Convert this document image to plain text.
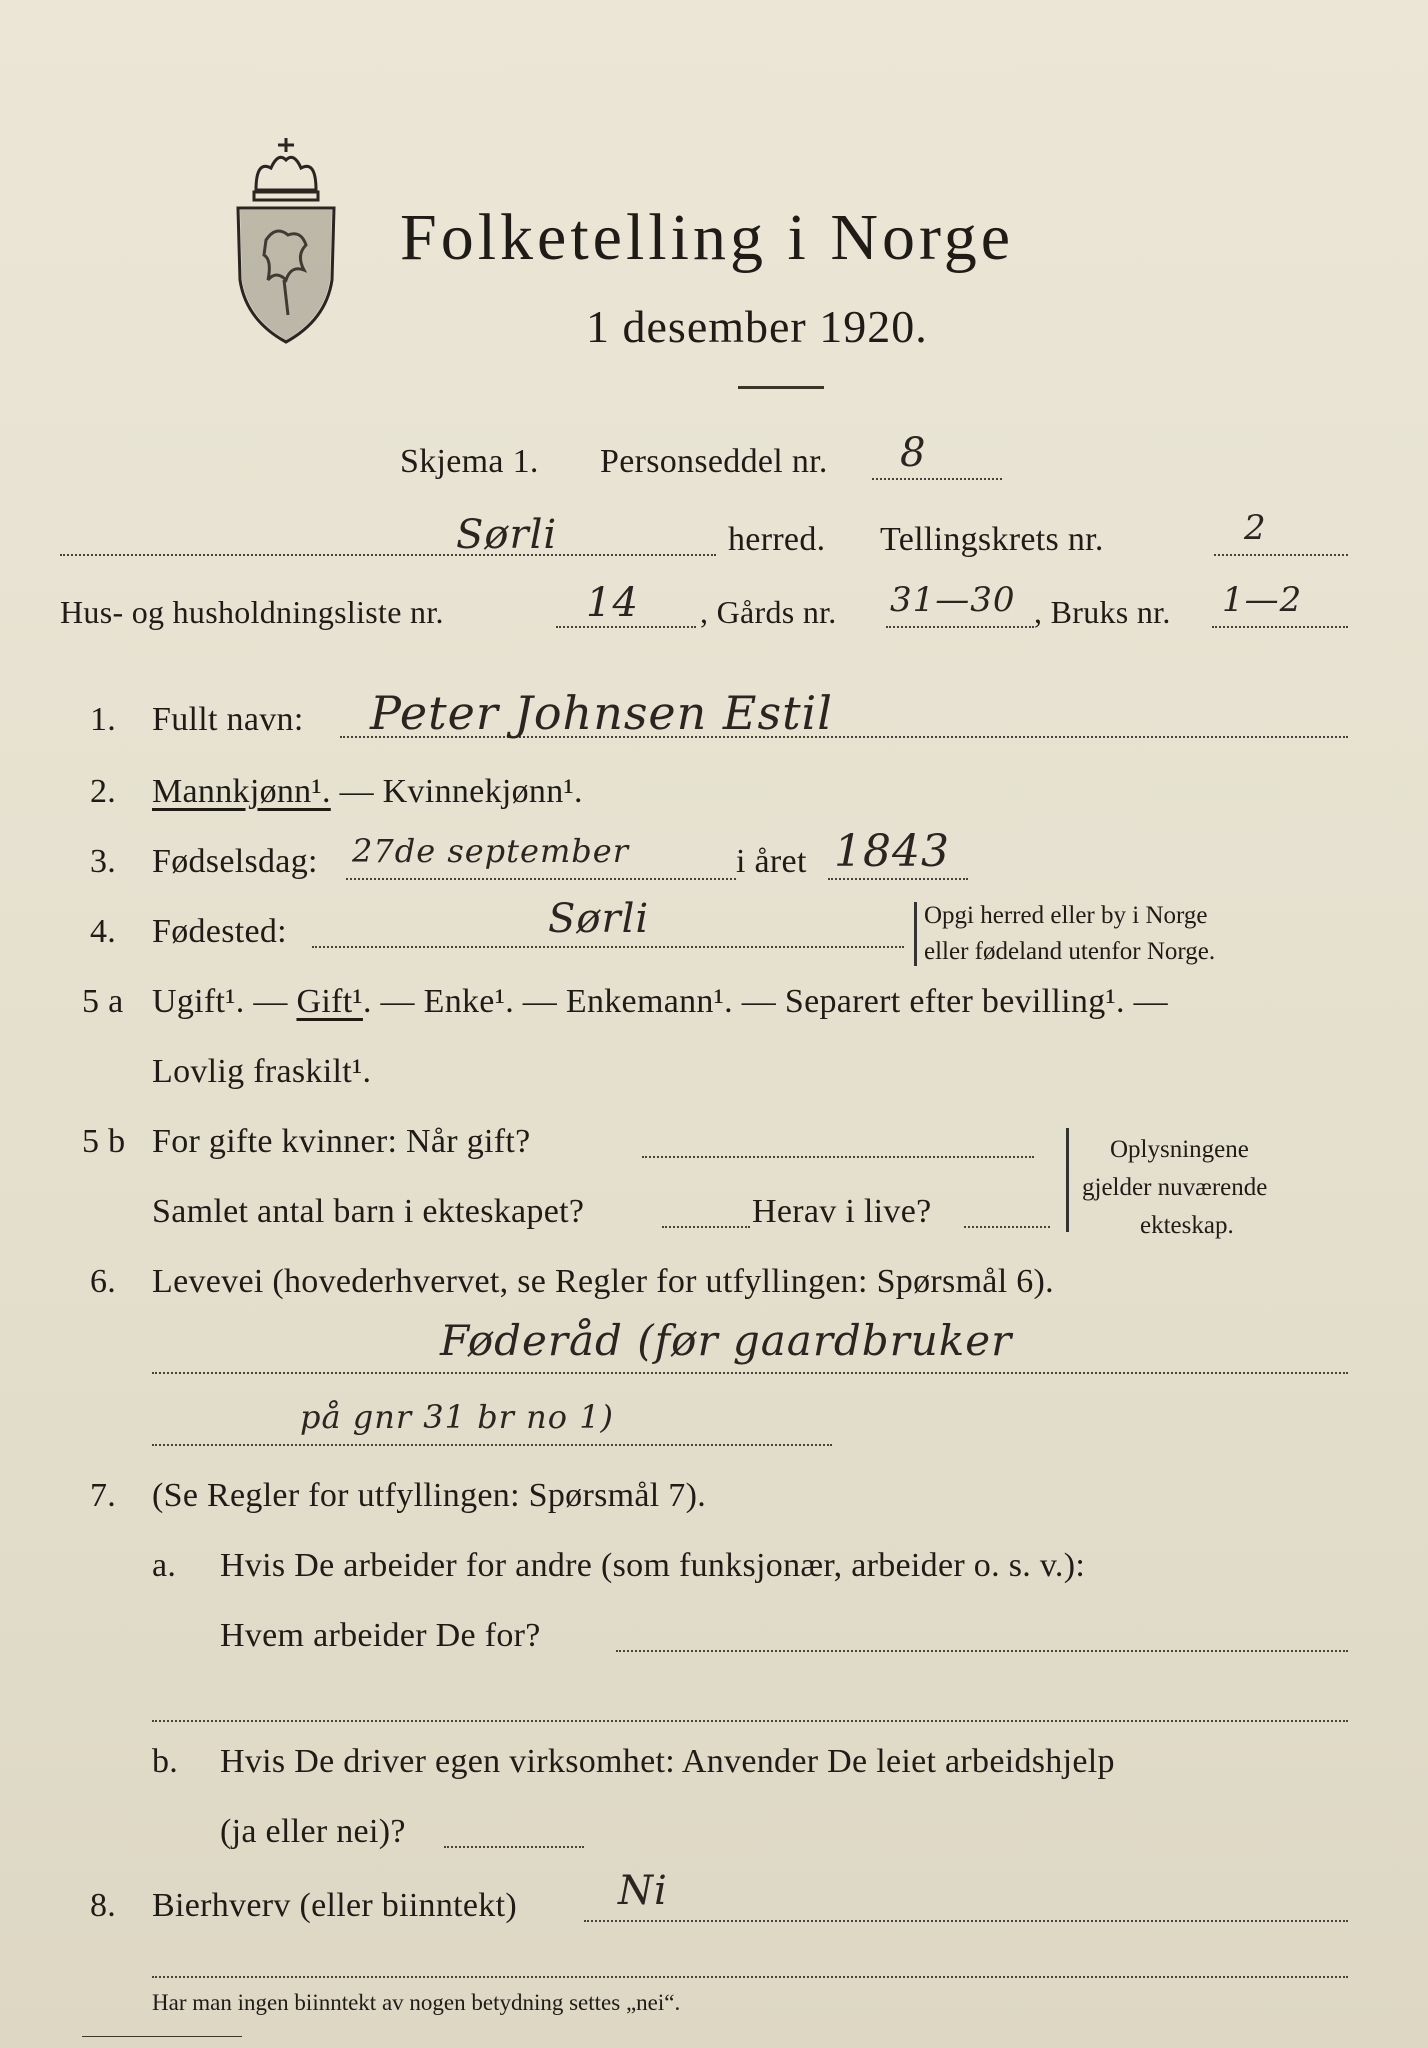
Folketelling i Norge
1 desember 1920.
Skjema 1. Personseddel nr. 8
Sørli	herred. Tellingskrets nr.	2
Hus- og husholdningsliste nr.	14 , Gårds nr. 31—30 , Bruks nr. 1—2
1. Fullt navn: Peter Johnsen Estil
2. Mannkjønn¹. — Kvinnekjønn¹.
3. Fødselsdag: 27de september	i året 1843
4. Fødested:	Sørli	Opgi herred eller by i Norge
eller fødeland utenfor Norge.
5 a Ugift¹. — Gift¹. — Enke¹. — Enkemann¹. — Separert efter bevilling¹. —
Lovlig fraskilt¹.
5 b For gifte kvinner: Når gift?
Samlet antal barn i ekteskapet?	Herav i live?
Oplysningene
gjelder nuværende
ekteskap.
6. Levevei (hovederhvervet, se Regler for utfyllingen: Spørsmål 6).
Føderåd (før gaardbruker
på gnr 31 br no 1)
7. (Se Regler for utfyllingen: Spørsmål 7).
a. Hvis De arbeider for andre (som funksjonær, arbeider o. s. v.):
Hvem arbeider De for?
b. Hvis De driver egen virksomhet: Anvender De leiet arbeidshjelp
(ja eller nei)?
8. Bierhverv (eller biinntekt)	Ni
Har man ingen biinntekt av nogen betydning settes „nei“.
